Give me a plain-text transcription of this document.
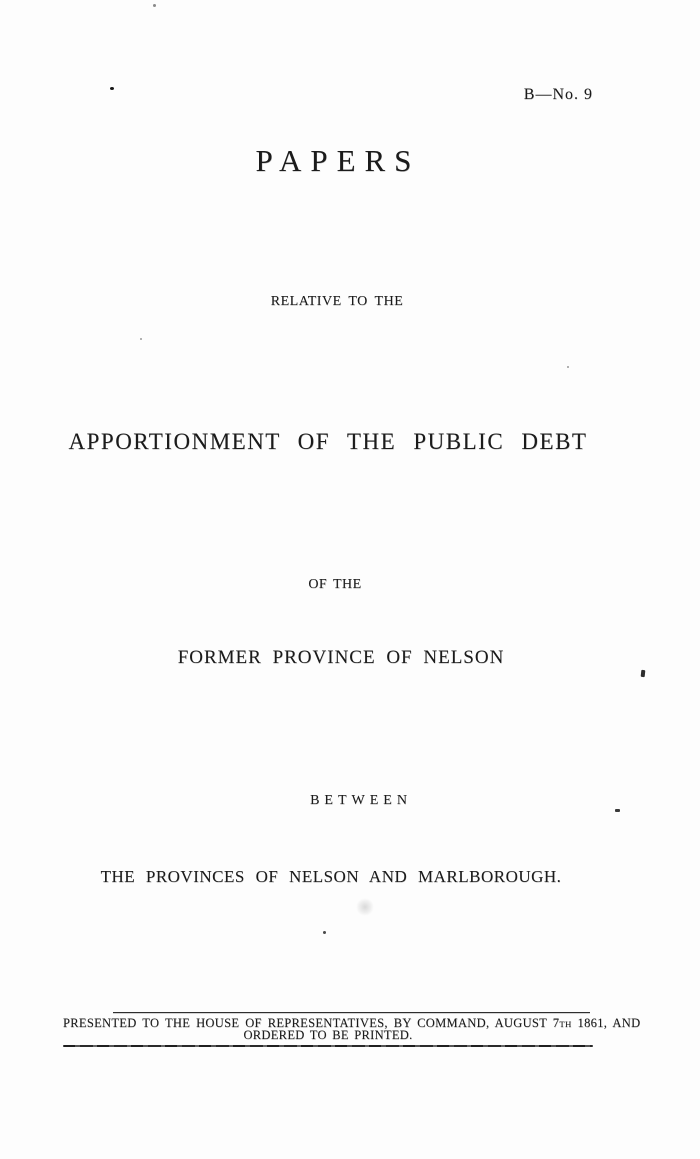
B—No. 9
PAPERS
RELATIVE TO THE
APPORTIONMENT OF THE PUBLIC DEBT
OF THE
FORMER PROVINCE OF NELSON
BETWEEN
THE PROVINCES OF NELSON AND MARLBOROUGH.
PRESENTED TO THE HOUSE OF REPRESENTATIVES, BY COMMAND, AUGUST 7TH 1861, AND
ORDERED TO BE PRINTED.
